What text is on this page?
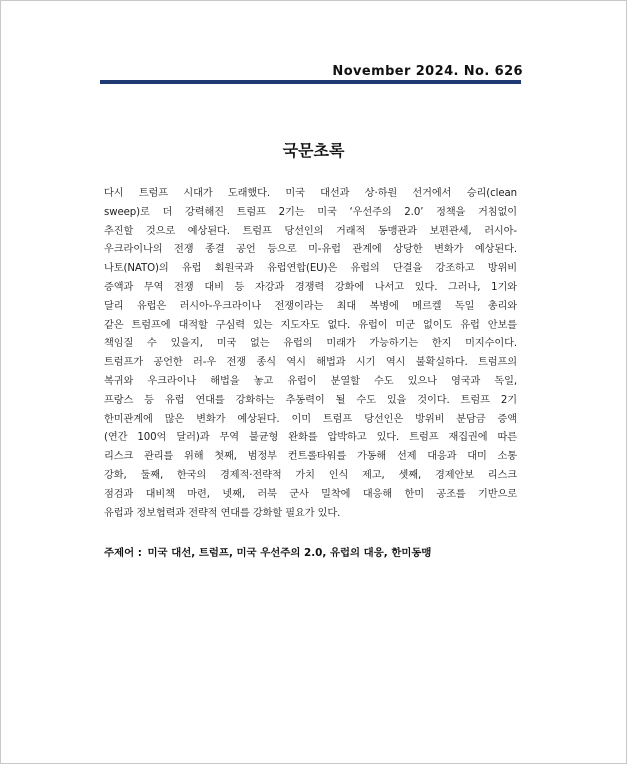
November 2024. No. 626
국문초록
다시 트럼프 시대가 도래했다. 미국 대선과 상·하원 선거에서 승리(clean
sweep)로 더 강력해진 트럼프 2기는 미국 ‘우선주의 2.0’ 정책을 거침없이
추진할 것으로 예상된다. 트럼프 당선인의 거래적 동맹관과 보편관세, 러시아-
우크라이나의 전쟁 종결 공언 등으로 미-유럽 관계에 상당한 변화가 예상된다.
나토(NATO)의 유럽 회원국과 유럽연합(EU)은 유럽의 단결을 강조하고 방위비
증액과 무역 전쟁 대비 등 자강과 경쟁력 강화에 나서고 있다. 그러나, 1기와
달리 유럽은 러시아-우크라이나 전쟁이라는 최대 복병에 메르켈 독일 총리와
같은 트럼프에 대적할 구심력 있는 지도자도 없다. 유럽이 미군 없이도 유럽 안보를
책임질 수 있을지, 미국 없는 유럽의 미래가 가능하기는 한지 미지수이다.
트럼프가 공언한 러-우 전쟁 종식 역시 해법과 시기 역시 불확실하다. 트럼프의
복귀와 우크라이나 해법을 놓고 유럽이 분열할 수도 있으나 영국과 독일,
프랑스 등 유럽 연대를 강화하는 추동력이 될 수도 있을 것이다. 트럼프 2기
한미관계에 많은 변화가 예상된다. 이미 트럼프 당선인은 방위비 분담금 증액
(연간 100억 달러)과 무역 불균형 완화를 압박하고 있다. 트럼프 재집권에 따른
리스크 관리를 위해 첫째, 범정부 컨트롤타워를 가동해 선제 대응과 대미 소통
강화, 둘째, 한국의 경제적·전략적 가치 인식 제고, 셋째, 경제안보 리스크
점검과 대비책 마련, 넷째, 러북 군사 밀착에 대응해 한미 공조를 기반으로
유럽과 정보협력과 전략적 연대를 강화할 필요가 있다.
주제어 : 미국 대선, 트럼프, 미국 우선주의 2.0, 유럽의 대응, 한미동맹
